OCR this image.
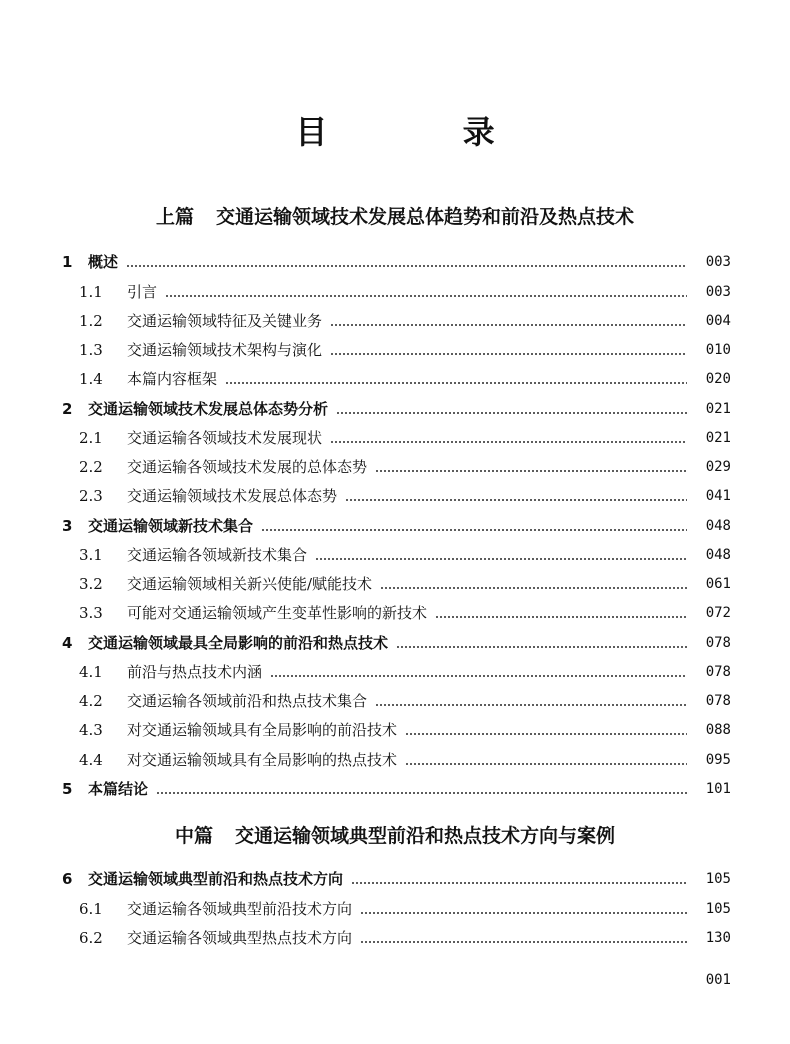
目 录
上篇 交通运输领域技术发展总体趋势和前沿及热点技术
中篇 交通运输领域典型前沿和热点技术方向与案例
1	概述	003
1.1	引言	003
1.2	交通运输领域特征及关键业务	004
1.3	交通运输领域技术架构与演化	010
1.4	本篇内容框架	020
2	交通运输领域技术发展总体态势分析	021
2.1	交通运输各领域技术发展现状	021
2.2	交通运输各领域技术发展的总体态势	029
2.3	交通运输领域技术发展总体态势	041
3	交通运输领域新技术集合	048
3.1	交通运输各领域新技术集合	048
3.2	交通运输领域相关新兴使能/赋能技术	061
3.3	可能对交通运输领域产生变革性影响的新技术	072
4	交通运输领域最具全局影响的前沿和热点技术	078
4.1	前沿与热点技术内涵	078
4.2	交通运输各领域前沿和热点技术集合	078
4.3	对交通运输领域具有全局影响的前沿技术	088
4.4	对交通运输领域具有全局影响的热点技术	095
5	本篇结论	101
6	交通运输领域典型前沿和热点技术方向	105
6.1	交通运输各领域典型前沿技术方向	105
6.2	交通运输各领域典型热点技术方向	130
001
